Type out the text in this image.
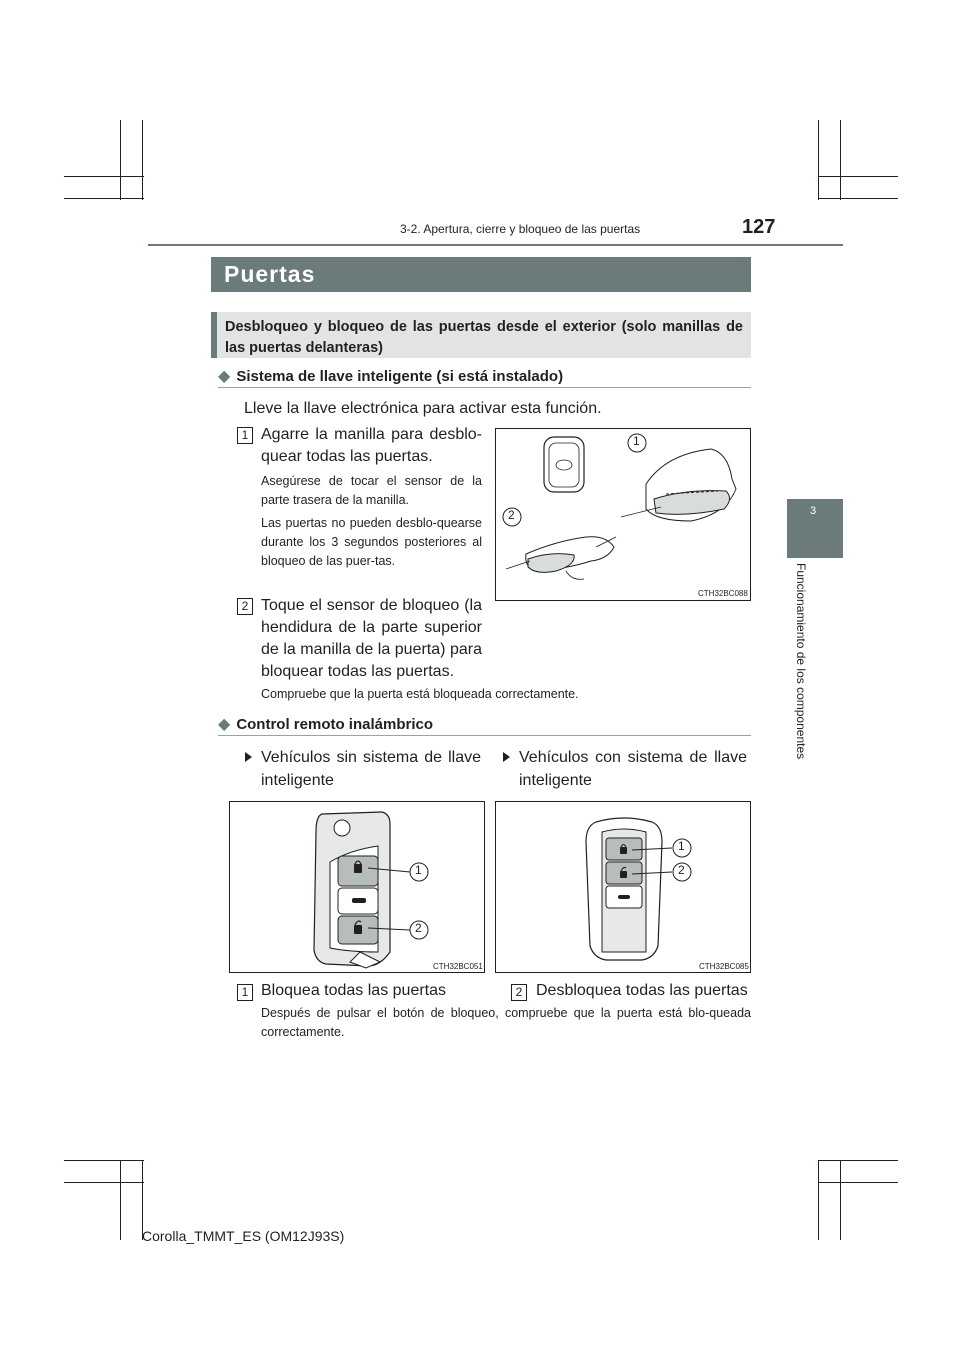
3-2. Apertura, cierre y bloqueo de las puertas	127
3
Funcionamiento de los componentes
Puertas
Desbloqueo y bloqueo de las puertas desde el exterior (solo manillas de las puertas delanteras)
◆ Sistema de llave inteligente (si está instalado)
Lleve la llave electrónica para activar esta función.
1 Agarre la manilla para desblo-quear todas las puertas.
Asegúrese de tocar el sensor de la parte trasera de la manilla.
Las puertas no pueden desblo-quearse durante los 3 segundos posteriores al bloqueo de las puer-tas.
2 Toque el sensor de bloqueo (la hendidura de la parte superior de la manilla de la puerta) para bloquear todas las puertas.
Compruebe que la puerta está bloqueada correctamente.
1
2
CTH32BC088
◆ Control remoto inalámbrico
Vehículos sin sistema de llave inteligente
Vehículos con sistema de llave inteligente
1
2
CTH32BC051
1
2
CTH32BC085
1 Bloquea todas las puertas	2 Desbloquea todas las puertas
Después de pulsar el botón de bloqueo, compruebe que la puerta está blo-queada correctamente.
Corolla_TMMT_ES (OM12J93S)
